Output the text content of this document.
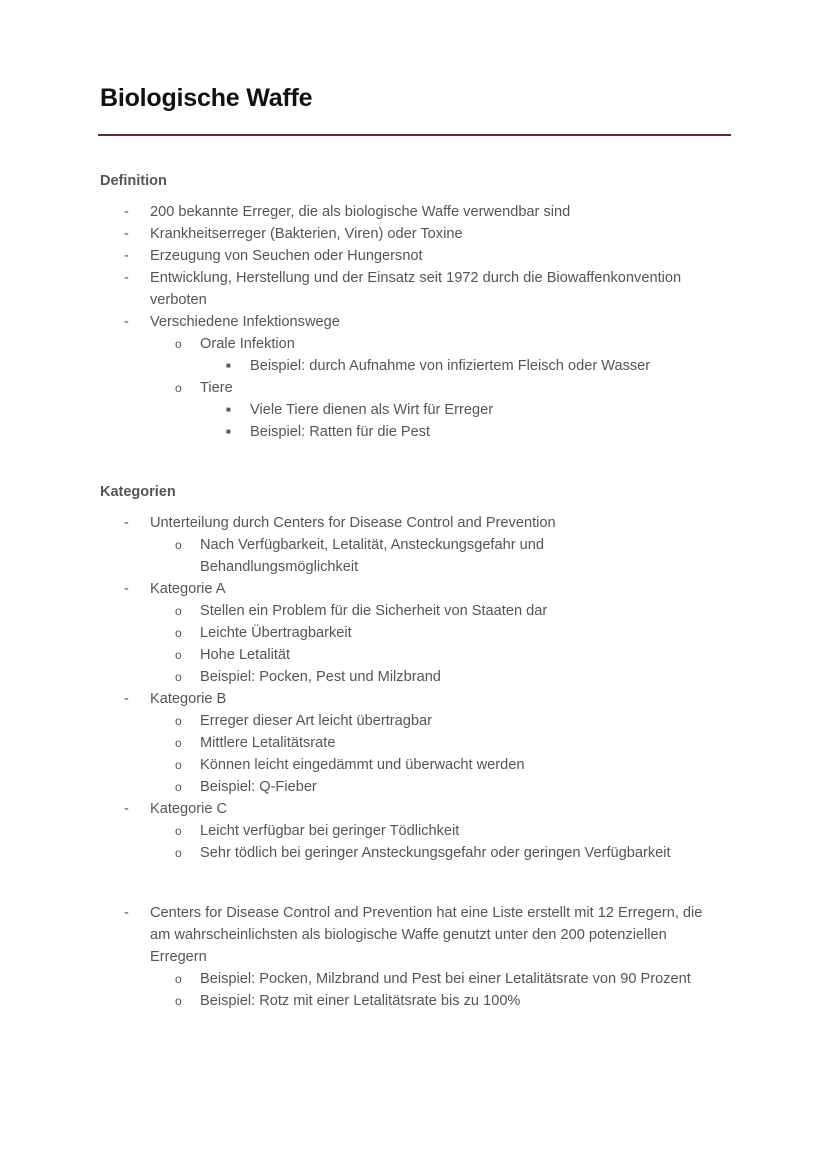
Biologische Waffe
Definition
- 200 bekannte Erreger, die als biologische Waffe verwendbar sind
- Krankheitserreger (Bakterien, Viren) oder Toxine
- Erzeugung von Seuchen oder Hungersnot
- Entwicklung, Herstellung und der Einsatz seit 1972 durch die Biowaffenkonvention
verboten
- Verschiedene Infektionswege
o Orale Infektion
■ Beispiel: durch Aufnahme von infiziertem Fleisch oder Wasser
o Tiere
■ Viele Tiere dienen als Wirt für Erreger
■ Beispiel: Ratten für die Pest
Kategorien
- Unterteilung durch Centers for Disease Control and Prevention
o Nach Verfügbarkeit, Letalität, Ansteckungsgefahr und
Behandlungsmöglichkeit
- Kategorie A
o Stellen ein Problem für die Sicherheit von Staaten dar
o Leichte Übertragbarkeit
o Hohe Letalität
o Beispiel: Pocken, Pest und Milzbrand
- Kategorie B
o Erreger dieser Art leicht übertragbar
o Mittlere Letalitätsrate
o Können leicht eingedämmt und überwacht werden
o Beispiel: Q-Fieber
- Kategorie C
o Leicht verfügbar bei geringer Tödlichkeit
o Sehr tödlich bei geringer Ansteckungsgefahr oder geringen Verfügbarkeit
- Centers for Disease Control and Prevention hat eine Liste erstellt mit 12 Erregern, die
am wahrscheinlichsten als biologische Waffe genutzt unter den 200 potenziellen
Erregern
o Beispiel: Pocken, Milzbrand und Pest bei einer Letalitätsrate von 90 Prozent
o Beispiel: Rotz mit einer Letalitätsrate bis zu 100%
